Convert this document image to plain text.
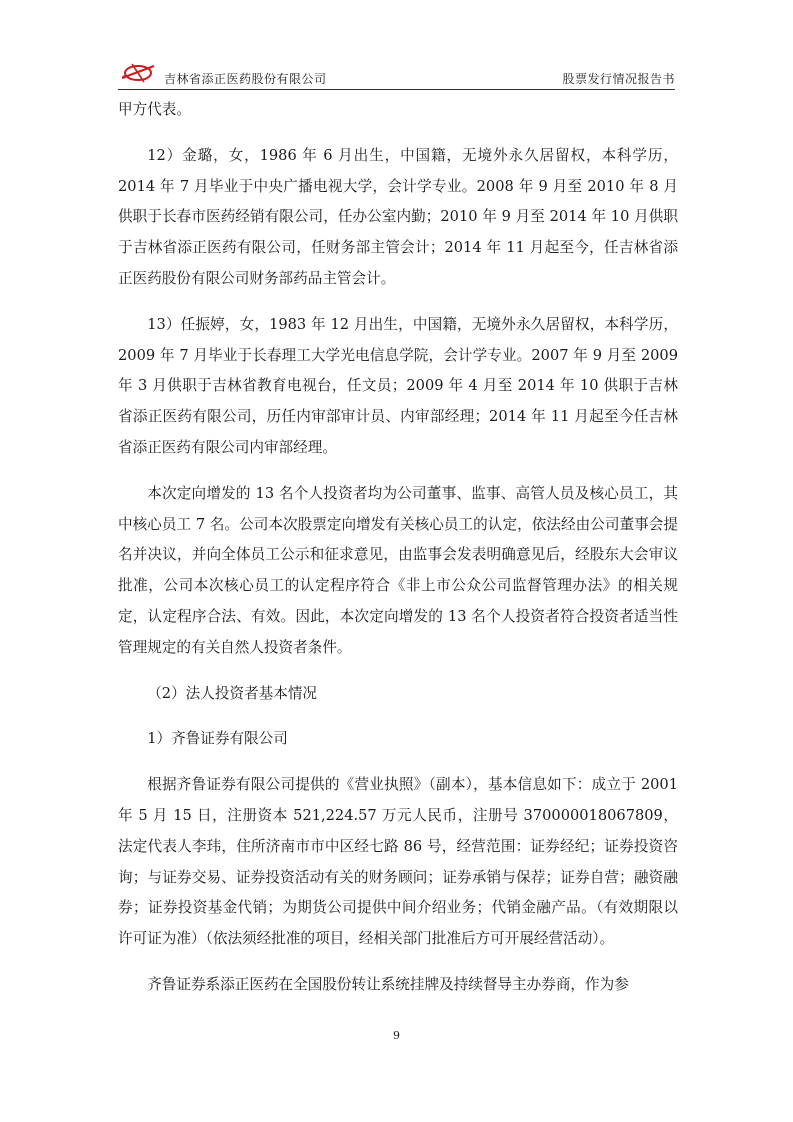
吉林省添正医药股份有限公司	股票发行情况报告书

甲方代表。

12）金璐，女，1986 年 6 月出生，中国籍，无境外永久居留权，本科学历，2014 年 7 月毕业于中央广播电视大学，会计学专业。2008 年 9 月至 2010 年 8 月供职于长春市医药经销有限公司，任办公室内勤；2010 年 9 月至 2014 年 10 月供职于吉林省添正医药有限公司，任财务部主管会计；2014 年 11 月起至今，任吉林省添正医药股份有限公司财务部药品主管会计。

13）任振婷，女，1983 年 12 月出生，中国籍，无境外永久居留权，本科学历，2009 年 7 月毕业于长春理工大学光电信息学院，会计学专业。2007 年 9 月至 2009 年 3 月供职于吉林省教育电视台，任文员；2009 年 4 月至 2014 年 10 供职于吉林省添正医药有限公司，历任内审部审计员、内审部经理；2014 年 11 月起至今任吉林省添正医药有限公司内审部经理。

本次定向增发的 13 名个人投资者均为公司董事、监事、高管人员及核心员工，其中核心员工 7 名。公司本次股票定向增发有关核心员工的认定，依法经由公司董事会提名并决议，并向全体员工公示和征求意见，由监事会发表明确意见后，经股东大会审议批准，公司本次核心员工的认定程序符合《非上市公众公司监督管理办法》的相关规定，认定程序合法、有效。因此，本次定向增发的 13 名个人投资者符合投资者适当性管理规定的有关自然人投资者条件。

（2）法人投资者基本情况

1）齐鲁证券有限公司

根据齐鲁证券有限公司提供的《营业执照》（副本），基本信息如下：成立于 2001 年 5 月 15 日，注册资本 521,224.57 万元人民币，注册号 370000018067809，法定代表人李玮，住所济南市市中区经七路 86 号，经营范围：证券经纪；证券投资咨询；与证券交易、证券投资活动有关的财务顾问；证券承销与保荐；证券自营；融资融券；证券投资基金代销；为期货公司提供中间介绍业务；代销金融产品。（有效期限以许可证为准）（依法须经批准的项目，经相关部门批准后方可开展经营活动）。

齐鲁证券系添正医药在全国股份转让系统挂牌及持续督导主办券商，作为参

9
